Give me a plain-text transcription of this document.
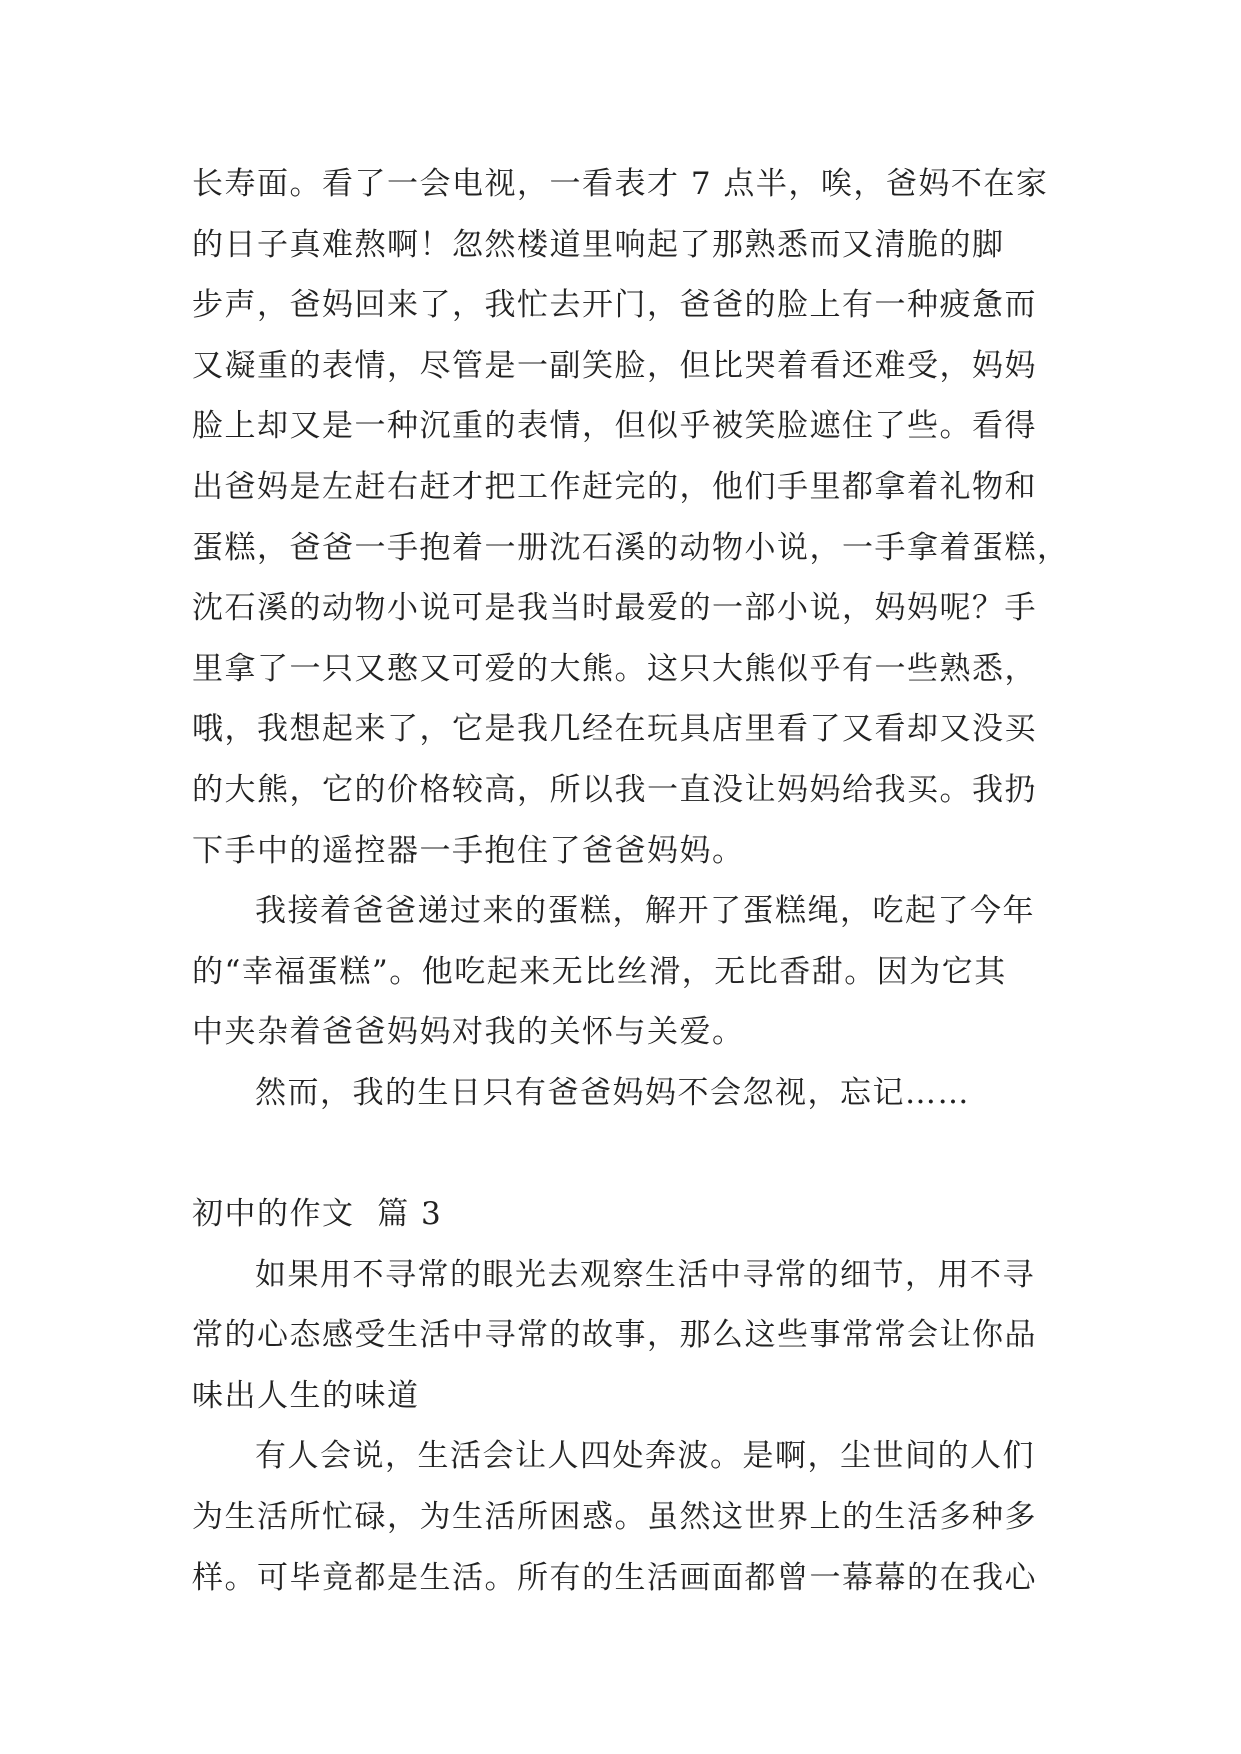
长寿面。看了一会电视，一看表才 7 点半，唉，爸妈不在家
的日子真难熬啊！忽然楼道里响起了那熟悉而又清脆的脚
步声，爸妈回来了，我忙去开门，爸爸的脸上有一种疲惫而
又凝重的表情，尽管是一副笑脸，但比哭着看还难受，妈妈
脸上却又是一种沉重的表情，但似乎被笑脸遮住了些。看得
出爸妈是左赶右赶才把工作赶完的，他们手里都拿着礼物和
蛋糕，爸爸一手抱着一册沈石溪的动物小说，一手拿着蛋糕，
沈石溪的动物小说可是我当时最爱的一部小说，妈妈呢？手
里拿了一只又憨又可爱的大熊。这只大熊似乎有一些熟悉，
哦，我想起来了，它是我几经在玩具店里看了又看却又没买
的大熊，它的价格较高，所以我一直没让妈妈给我买。我扔
下手中的遥控器一手抱住了爸爸妈妈。
我接着爸爸递过来的蛋糕，解开了蛋糕绳，吃起了今年
的“幸福蛋糕”。他吃起来无比丝滑，无比香甜。因为它其
中夹杂着爸爸妈妈对我的关怀与关爱。
然而，我的生日只有爸爸妈妈不会忽视，忘记……
初中的作文  篇 3
如果用不寻常的眼光去观察生活中寻常的细节，用不寻
常的心态感受生活中寻常的故事，那么这些事常常会让你品
味出人生的味道
有人会说，生活会让人四处奔波。是啊，尘世间的人们
为生活所忙碌，为生活所困惑。虽然这世界上的生活多种多
样。可毕竟都是生活。所有的生活画面都曾一幕幕的在我心
